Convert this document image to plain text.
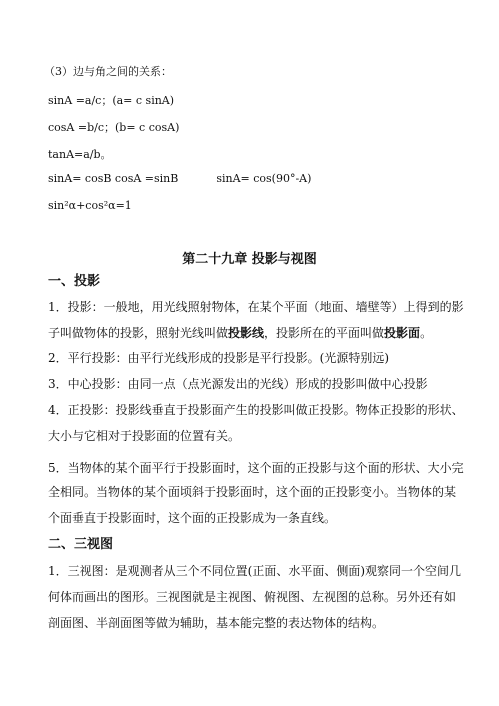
（3）边与角之间的关系：
sinA =a/c；(a= c sinA)
cosA =b/c；(b= c cosA)
tanA=a/b。
sinA= cosB cosA =sinB	sinA= cos(90°-A)
sin²α+cos²α=1
第二十九章 投影与视图
一、投影
1．投影：一般地，用光线照射物体，在某个平面（地面、墙壁等）上得到的影
子叫做物体的投影，照射光线叫做投影线，投影所在的平面叫做投影面。
2．平行投影：由平行光线形成的投影是平行投影。(光源特别远)
3．中心投影：由同一点（点光源发出的光线）形成的投影叫做中心投影
4．正投影：投影线垂直于投影面产生的投影叫做正投影。物体正投影的形状、
大小与它相对于投影面的位置有关。
5．当物体的某个面平行于投影面时，这个面的正投影与这个面的形状、大小完
全相同。当物体的某个面顷斜于投影面时，这个面的正投影变小。当物体的某
个面垂直于投影面时，这个面的正投影成为一条直线。
二、三视图
1．三视图：是观测者从三个不同位置(正面、水平面、侧面)观察同一个空间几
何体而画出的图形。三视图就是主视图、俯视图、左视图的总称。另外还有如
剖面图、半剖面图等做为辅助，基本能完整的表达物体的结构。
